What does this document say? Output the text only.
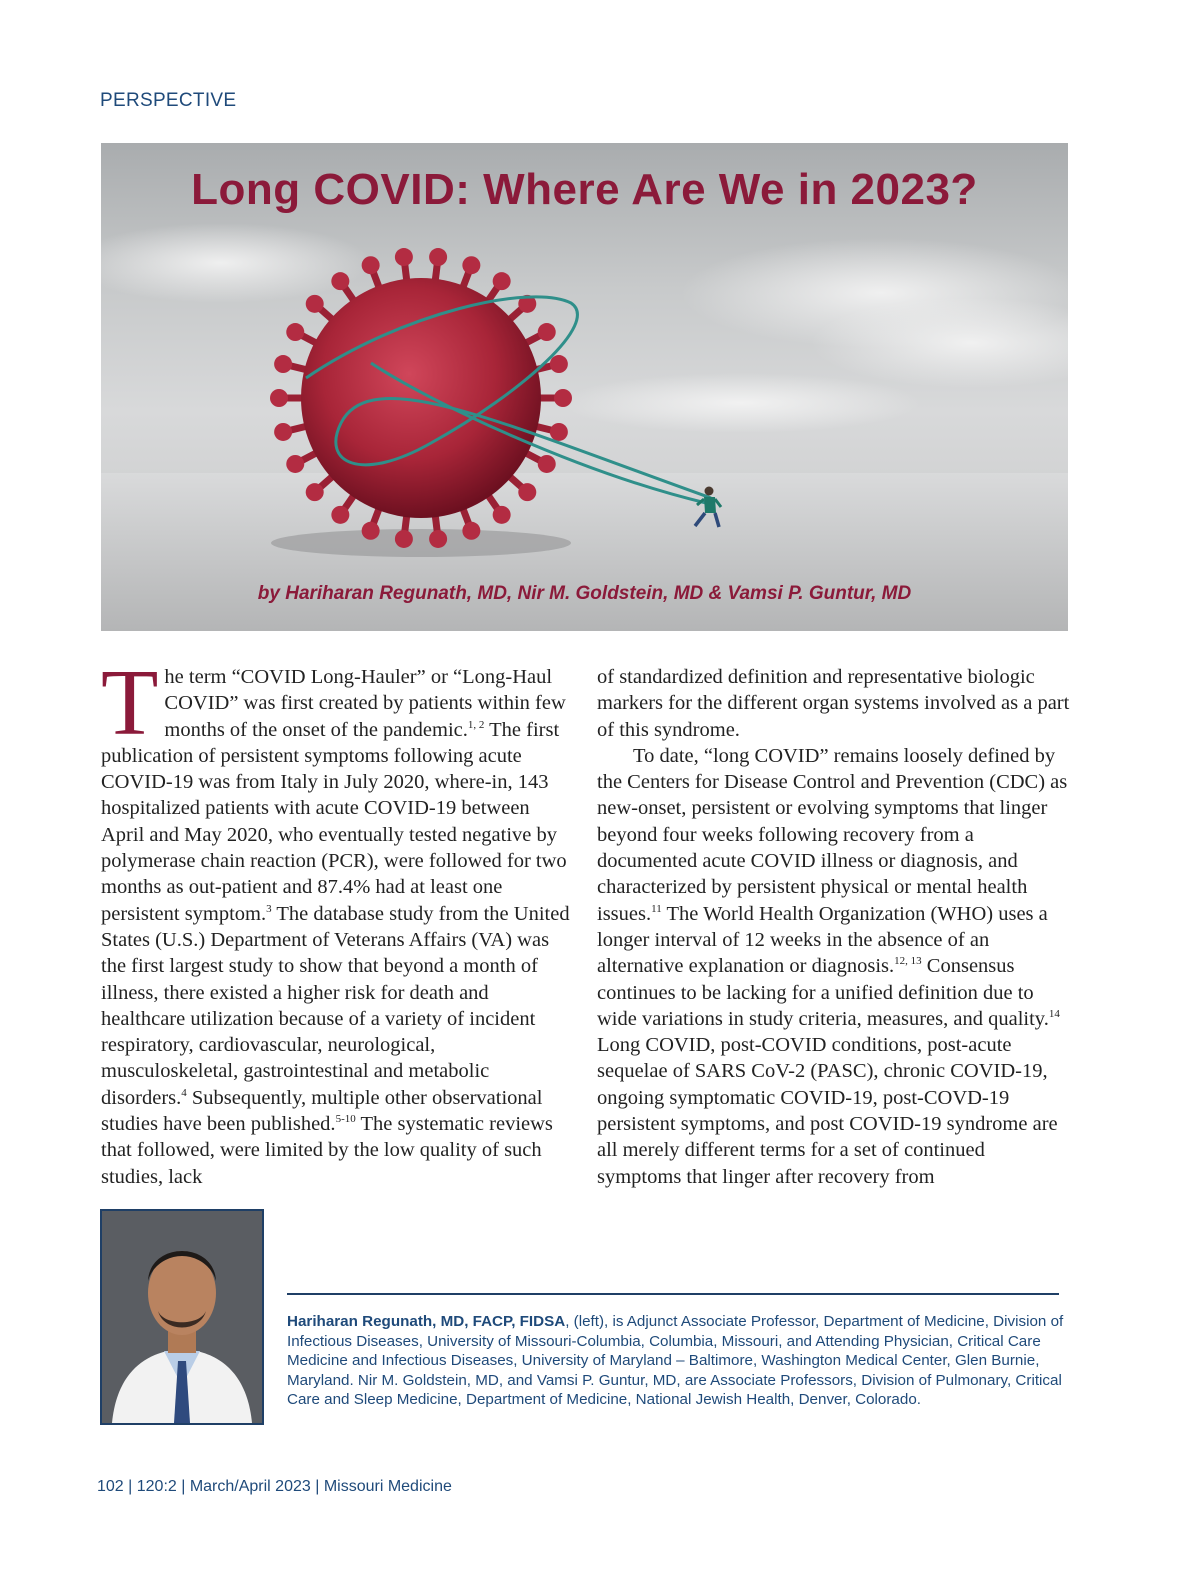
PERSPECTIVE
Long COVID: Where Are We in 2023?
by Hariharan Regunath, MD, Nir M. Goldstein, MD & Vamsi P. Guntur, MD

The term “COVID Long-Hauler” or “Long-Haul COVID” was first created by patients within few months of the onset of the pandemic.$^{1, 2}$ The first publication of persistent symptoms following acute COVID-19 was from Italy in July 2020, where-in, 143 hospitalized patients with acute COVID-19 between April and May 2020, who eventually tested negative by polymerase chain reaction (PCR), were followed for two months as out-patient and 87.4% had at least one persistent symptom.$^3$ The database study from the United States (U.S.) Department of Veterans Affairs (VA) was the first largest study to show that beyond a month of illness, there existed a higher risk for death and healthcare utilization because of a variety of incident respiratory, cardiovascular, neurological, musculoskeletal, gastrointestinal and metabolic disorders.$^4$ Subsequently, multiple other observational studies have been published.$^{5-10}$ The systematic reviews that followed, were limited by the low quality of such studies, lack

of standardized definition and representative biologic markers for the different organ systems involved as a part of this syndrome.

To date, “long COVID” remains loosely defined by the Centers for Disease Control and Prevention (CDC) as new-onset, persistent or evolving symptoms that linger beyond four weeks following recovery from a documented acute COVID illness or diagnosis, and characterized by persistent physical or mental health issues.$^{11}$ The World Health Organization (WHO) uses a longer interval of 12 weeks in the absence of an alternative explanation or diagnosis.$^{12, 13}$ Consensus continues to be lacking for a unified definition due to wide variations in study criteria, measures, and quality.$^{14}$ Long COVID, post-COVID conditions, post-acute sequelae of SARS CoV-2 (PASC), chronic COVID-19, ongoing symptomatic COVID-19, post-COVD-19 persistent symptoms, and post COVID-19 syndrome are all merely different terms for a set of continued symptoms that linger after recovery from

Hariharan Regunath, MD, FACP, FIDSA, (left), is Adjunct Associate Professor, Department of Medicine, Division of Infectious Diseases, University of Missouri-Columbia, Columbia, Missouri, and Attending Physician, Critical Care Medicine and Infectious Diseases, University of Maryland – Baltimore, Washington Medical Center, Glen Burnie, Maryland. Nir M. Goldstein, MD, and Vamsi P. Guntur, MD, are Associate Professors, Division of Pulmonary, Critical Care and Sleep Medicine, Department of Medicine, National Jewish Health, Denver, Colorado.
102 | 120:2 | March/April 2023 | Missouri Medicine
